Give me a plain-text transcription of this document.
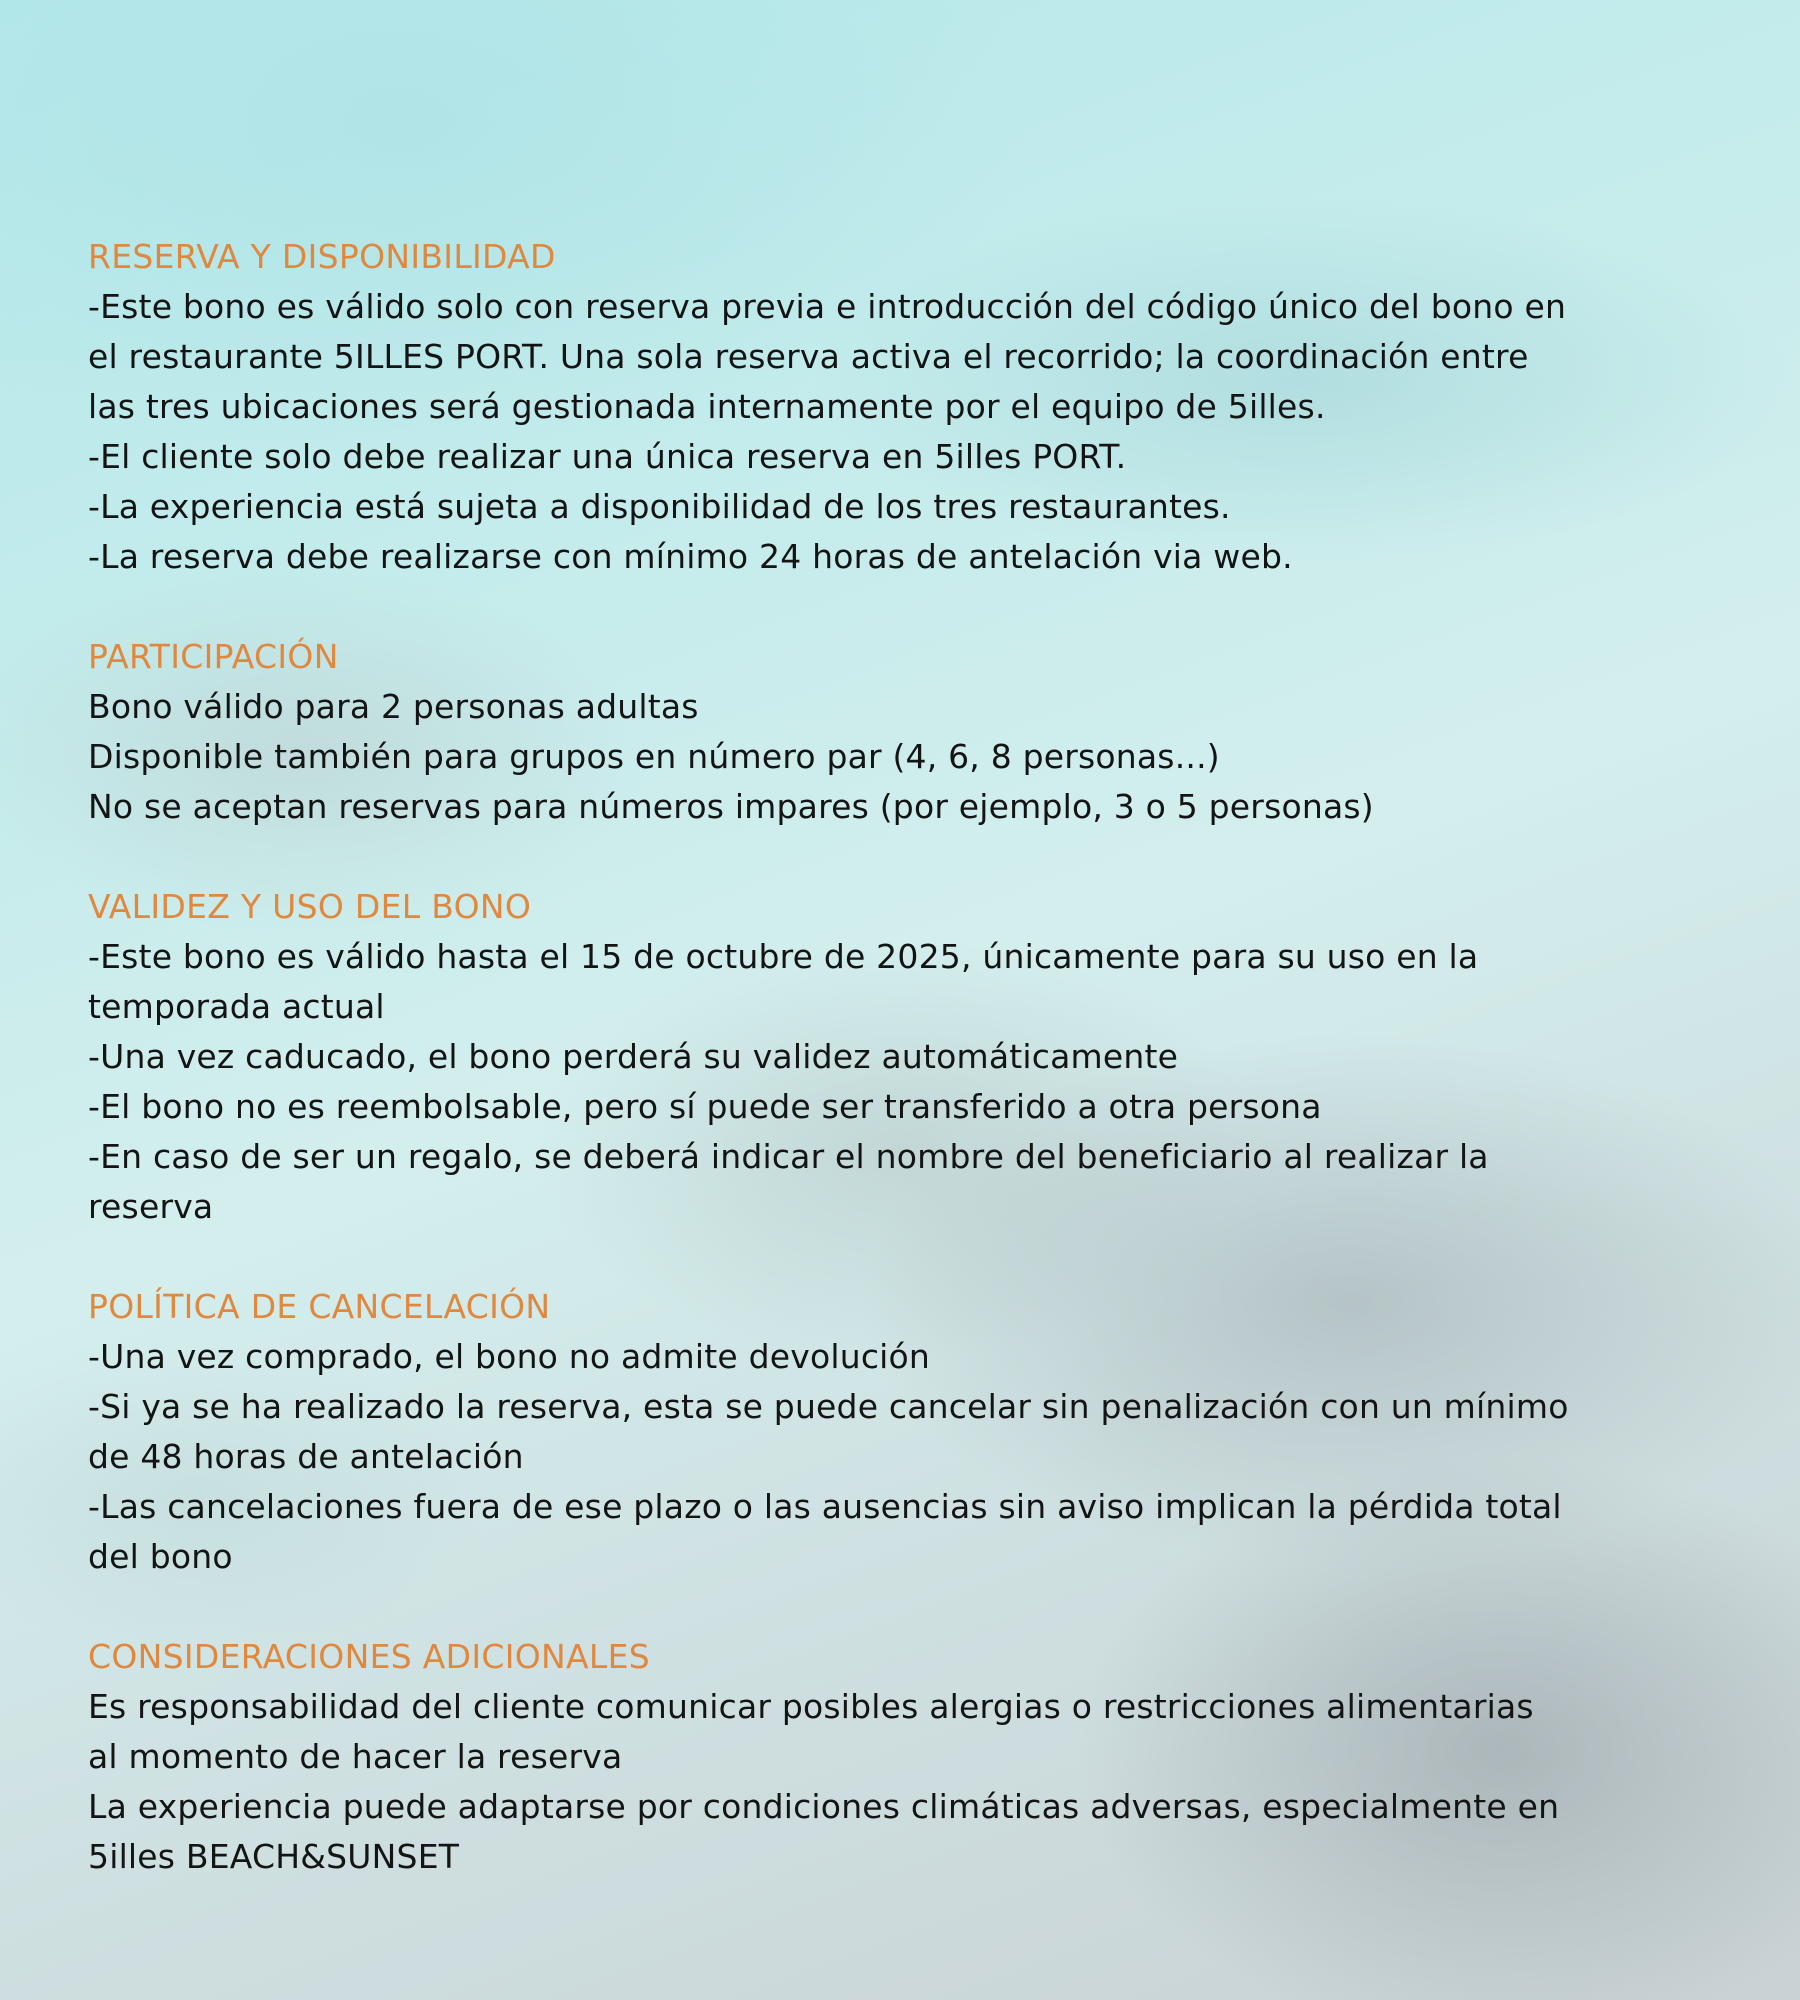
RESERVA Y DISPONIBILIDAD
-Este bono es válido solo con reserva previa e introducción del código único del bono en
el restaurante 5ILLES PORT. Una sola reserva activa el recorrido; la coordinación entre
las tres ubicaciones será gestionada internamente por el equipo de 5illes.
-El cliente solo debe realizar una única reserva en 5illes PORT.
-La experiencia está sujeta a disponibilidad de los tres restaurantes.
-La reserva debe realizarse con mínimo 24 horas de antelación via web.
PARTICIPACIÓN
Bono válido para 2 personas adultas
Disponible también para grupos en número par (4, 6, 8 personas...)
No se aceptan reservas para números impares (por ejemplo, 3 o 5 personas)
VALIDEZ Y USO DEL BONO
-Este bono es válido hasta el 15 de octubre de 2025, únicamente para su uso en la
temporada actual
-Una vez caducado, el bono perderá su validez automáticamente
-El bono no es reembolsable, pero sí puede ser transferido a otra persona
-En caso de ser un regalo, se deberá indicar el nombre del beneficiario al realizar la
reserva
POLÍTICA DE CANCELACIÓN
-Una vez comprado, el bono no admite devolución
-Si ya se ha realizado la reserva, esta se puede cancelar sin penalización con un mínimo
de 48 horas de antelación
-Las cancelaciones fuera de ese plazo o las ausencias sin aviso implican la pérdida total
del bono
CONSIDERACIONES ADICIONALES
Es responsabilidad del cliente comunicar posibles alergias o restricciones alimentarias
al momento de hacer la reserva
La experiencia puede adaptarse por condiciones climáticas adversas, especialmente en
5illes BEACH&SUNSET
